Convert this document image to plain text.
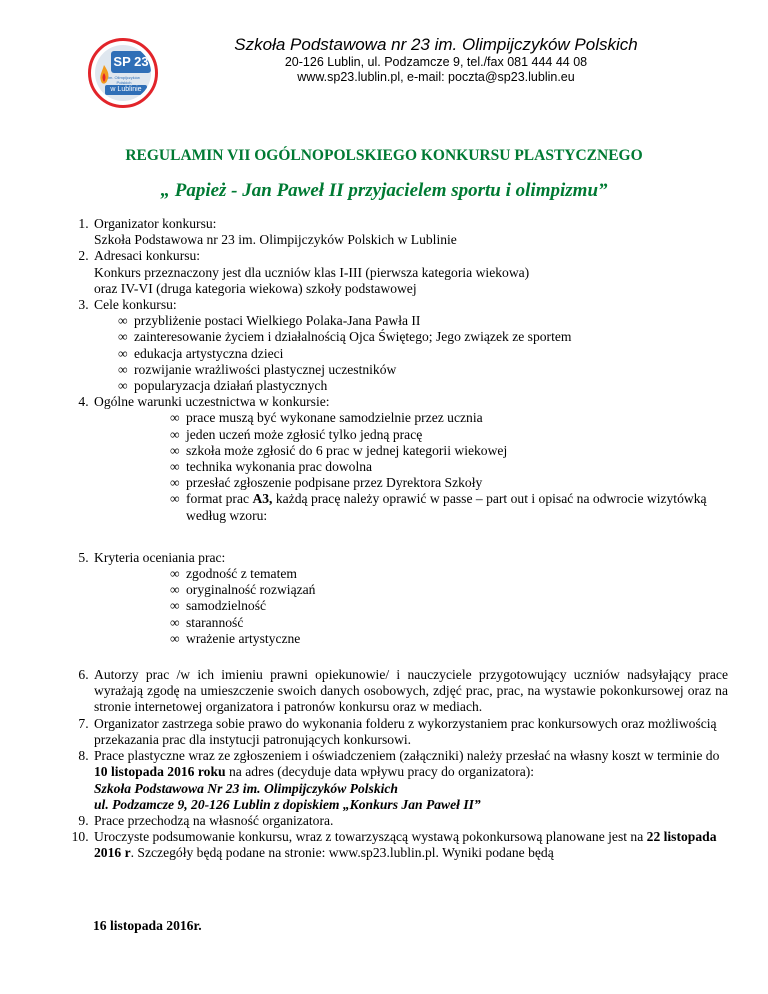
SP 23
im. Olimpijczyków Polskich
w Lublinie
Szkoła Podstawowa nr 23 im. Olimpijczyków Polskich
20-126 Lublin, ul. Podzamcze 9, tel./fax 081 444 44 08
www.sp23.lublin.pl, e-mail: poczta@sp23.lublin.eu
REGULAMIN VII OGÓLNOPOLSKIEGO KONKURSU PLASTYCZNEGO
„ Papież - Jan Paweł II przyjacielem sportu i olimpizmu”
1. Organizator konkursu:
Szkoła Podstawowa nr 23 im. Olimpijczyków Polskich w Lublinie
2. Adresaci konkursu:
Konkurs przeznaczony jest dla uczniów klas I-III (pierwsza kategoria wiekowa)
oraz IV-VI (druga kategoria wiekowa) szkoły podstawowej
3. Cele konkursu:
∞ przybliżenie postaci Wielkiego Polaka-Jana Pawła II
∞ zainteresowanie życiem i działalnością Ojca Świętego; Jego związek ze sportem
∞ edukacja artystyczna dzieci
∞ rozwijanie wrażliwości plastycznej uczestników
∞ popularyzacja działań plastycznych
4. Ogólne warunki uczestnictwa w konkursie:
∞ prace muszą być wykonane samodzielnie przez ucznia
∞ jeden uczeń może zgłosić tylko jedną pracę
∞ szkoła może zgłosić do 6 prac w jednej kategorii wiekowej
∞ technika wykonania prac dowolna
∞ przesłać zgłoszenie podpisane przez Dyrektora Szkoły
∞ format prac A3, każdą pracę należy oprawić w passe – part out i opisać na odwrocie wizytówką według wzoru:
5. Kryteria oceniania prac:
∞ zgodność z tematem
∞ oryginalność rozwiązań
∞ samodzielność
∞ staranność
∞ wrażenie artystyczne
6. Autorzy prac /w ich imieniu prawni opiekunowie/ i nauczyciele przygotowujący uczniów nadsyłający prace wyrażają zgodę na umieszczenie swoich danych osobowych, zdjęć prac, prac, na wystawie pokonkursowej oraz na stronie internetowej organizatora i patronów konkursu oraz w mediach.
7. Organizator zastrzega sobie prawo do wykonania folderu z wykorzystaniem prac konkursowych oraz możliwością przekazania prac dla instytucji patronujących konkursowi.
8. Prace plastyczne wraz ze zgłoszeniem i oświadczeniem (załączniki) należy przesłać na własny koszt w terminie do 10 listopada 2016 roku na adres (decyduje data wpływu pracy do organizatora):
Szkoła Podstawowa Nr 23 im. Olimpijczyków Polskich
ul. Podzamcze 9, 20-126 Lublin z dopiskiem „Konkurs Jan Paweł II”
9. Prace przechodzą na własność organizatora.
10. Uroczyste podsumowanie konkursu, wraz z towarzyszącą wystawą pokonkursową planowane jest na 22 listopada 2016 r. Szczegóły będą podane na stronie: www.sp23.lublin.pl. Wyniki podane będą
16 listopada 2016r.
